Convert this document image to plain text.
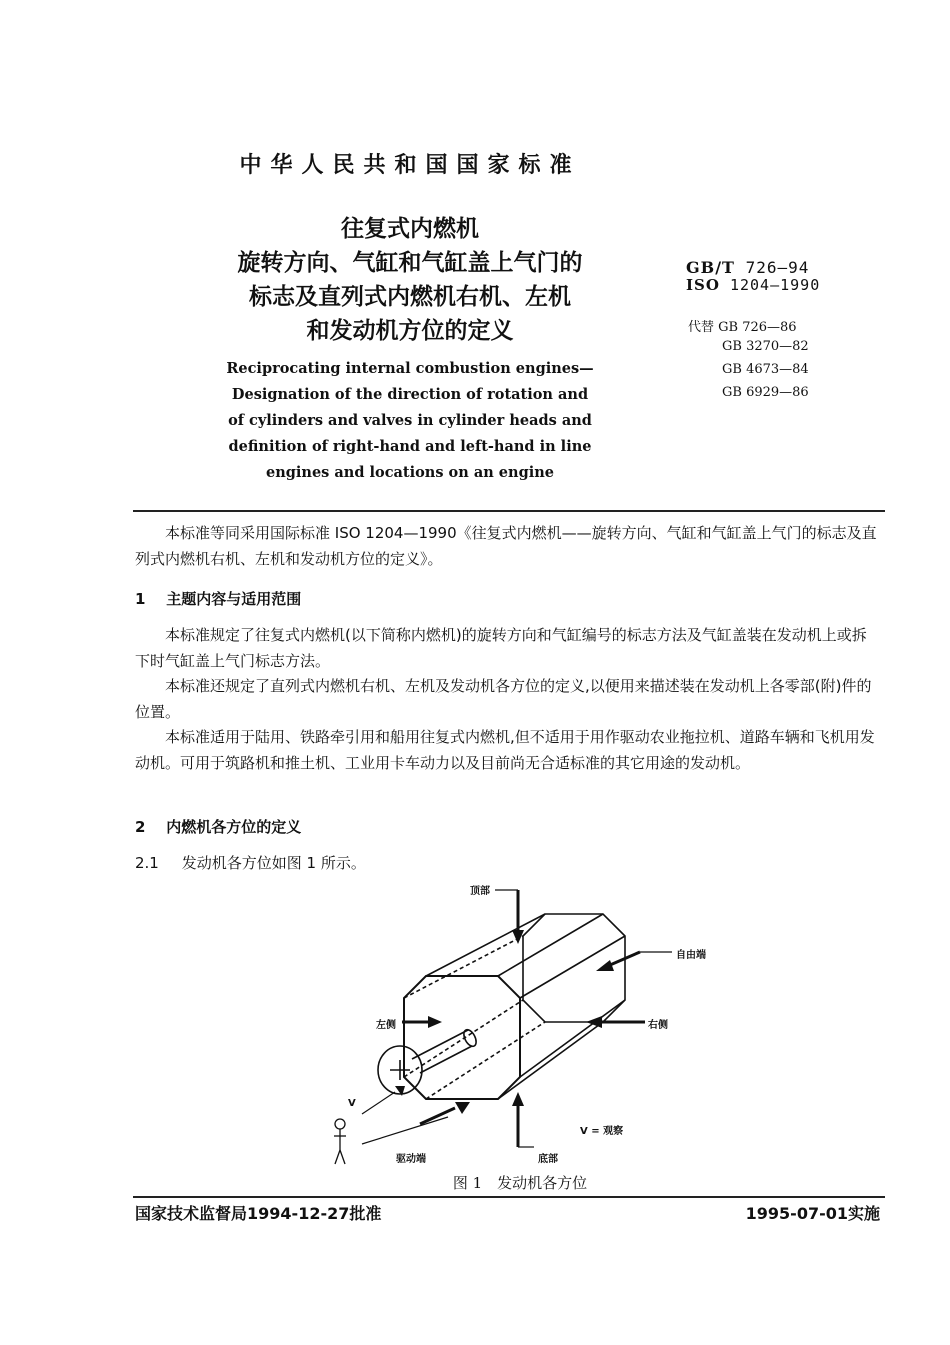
中华人民共和国国家标准
往复式内燃机
旋转方向、气缸和气缸盖上气门的
标志及直列式内燃机右机、左机
和发动机方位的定义
Reciprocating internal combustion engines—
Designation of the direction of rotation and
of cylinders and valves in cylinder heads and
definition of right-hand and left-hand in line
engines and locations on an engine
GB/T 726—94
ISO 1204—1990
代替 GB 726—86
GB 3270—82
GB 4673—84
GB 6929—86
本标准等同采用国际标准 ISO 1204—1990《往复式内燃机——旋转方向、气缸和气缸盖上气门的标志及直列式内燃机右机、左机和发动机方位的定义》。
1 主题内容与适用范围
本标准规定了往复式内燃机(以下简称内燃机)的旋转方向和气缸编号的标志方法及气缸盖装在发动机上或拆下时气缸盖上气门标志方法。
本标准还规定了直列式内燃机右机、左机及发动机各方位的定义,以便用来描述装在发动机上各零部(附)件的位置。
本标准适用于陆用、铁路牵引用和船用往复式内燃机,但不适用于用作驱动农业拖拉机、道路车辆和飞机用发动机。可用于筑路机和推土机、工业用卡车动力以及目前尚无合适标准的其它用途的发动机。
2 内燃机各方位的定义
2.1 发动机各方位如图 1 所示。
顶部
自由端
左侧	右侧
V
V = 观察
驱动端	底部
图 1　发动机各方位
国家技术监督局1994-12-27批准	1995-07-01实施
